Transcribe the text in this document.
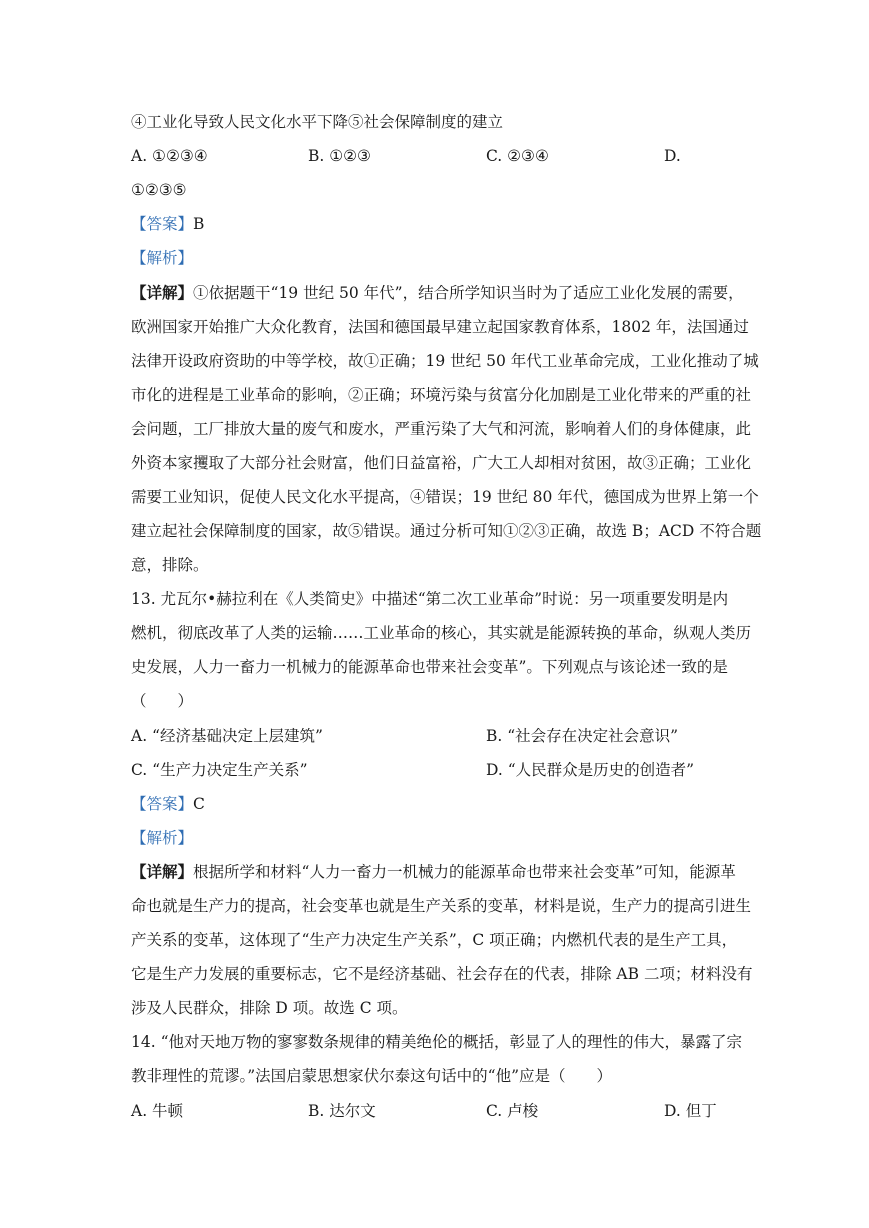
④工业化导致人民文化水平下降⑤社会保障制度的建立
A. ①②③④	B. ①②③	C. ②③④	D.
①②③⑤
【答案】B
【解析】
【详解】①依据题干“19 世纪 50 年代”，结合所学知识当时为了适应工业化发展的需要，
欧洲国家开始推广大众化教育，法国和德国最早建立起国家教育体系，1802 年，法国通过
法律开设政府资助的中等学校，故①正确；19 世纪 50 年代工业革命完成，工业化推动了城
市化的进程是工业革命的影响，②正确；环境污染与贫富分化加剧是工业化带来的严重的社
会问题，工厂排放大量的废气和废水，严重污染了大气和河流，影响着人们的身体健康，此
外资本家攫取了大部分社会财富，他们日益富裕，广大工人却相对贫困，故③正确；工业化
需要工业知识，促使人民文化水平提高，④错误；19 世纪 80 年代，德国成为世界上第一个
建立起社会保障制度的国家，故⑤错误。通过分析可知①②③正确，故选 B；ACD 不符合题
意，排除。
13. 尤瓦尔•赫拉利在《人类简史》中描述“第二次工业革命”时说：另一项重要发明是内
燃机，彻底改革了人类的运输……工业革命的核心，其实就是能源转换的革命，纵观人类历
史发展，人力一畜力一机械力的能源革命也带来社会变革”。下列观点与该论述一致的是
（　　）
A. “经济基础决定上层建筑”	B. “社会存在决定社会意识”
C. “生产力决定生产关系”	D. “人民群众是历史的创造者”
【答案】C
【解析】
【详解】根据所学和材料“人力一畜力一机械力的能源革命也带来社会变革”可知，能源革
命也就是生产力的提高，社会变革也就是生产关系的变革，材料是说，生产力的提高引进生
产关系的变革，这体现了“生产力决定生产关系”，C 项正确；内燃机代表的是生产工具，
它是生产力发展的重要标志，它不是经济基础、社会存在的代表，排除 AB 二项；材料没有
涉及人民群众，排除 D 项。故选 C 项。
14. “他对天地万物的寥寥数条规律的精美绝伦的概括，彰显了人的理性的伟大，暴露了宗
教非理性的荒谬。”法国启蒙思想家伏尔泰这句话中的“他”应是（　　）
A. 牛顿	B. 达尔文	C. 卢梭	D. 但丁
